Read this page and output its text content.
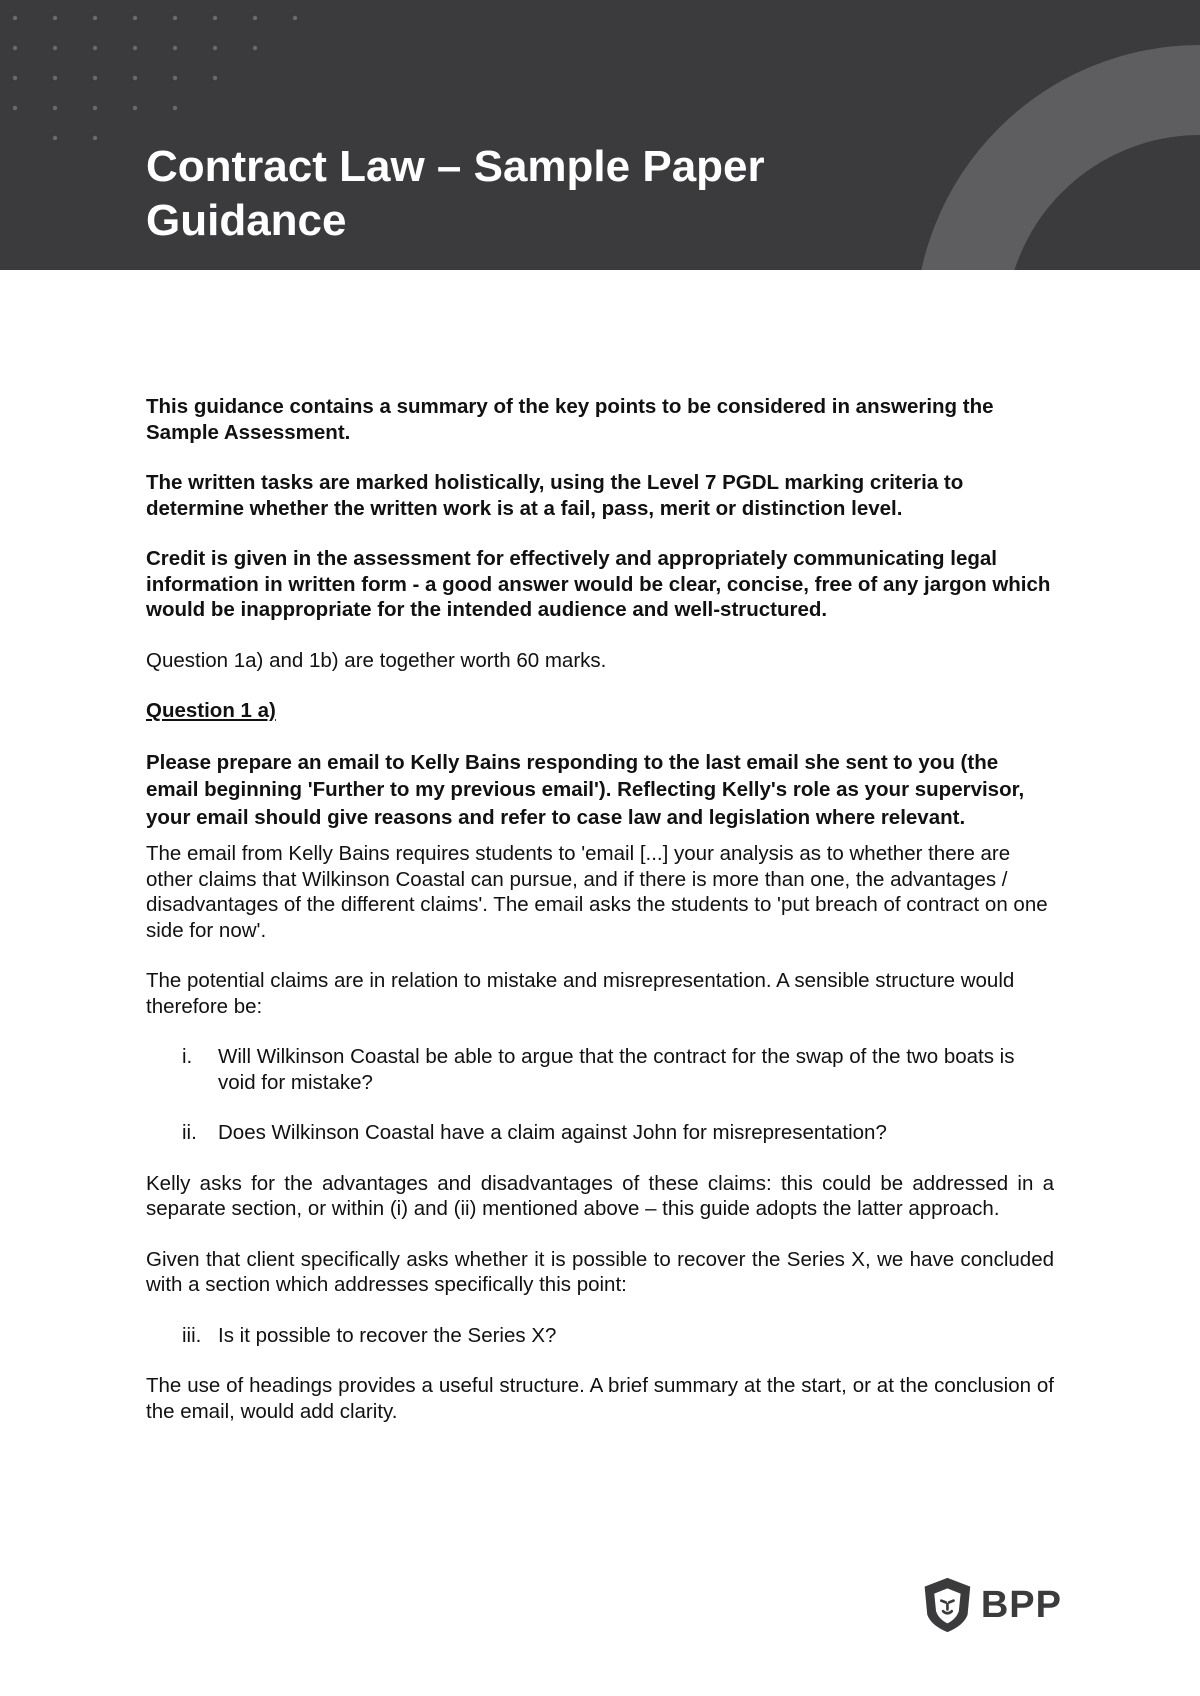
Contract Law – Sample Paper
Guidance

This guidance contains a summary of the key points to be considered in answering the Sample Assessment.

The written tasks are marked holistically, using the Level 7 PGDL marking criteria to determine whether the written work is at a fail, pass, merit or distinction level.

Credit is given in the assessment for effectively and appropriately communicating legal information in written form - a good answer would be clear, concise, free of any jargon which would be inappropriate for the intended audience and well-structured.

Question 1a) and 1b) are together worth 60 marks.

Question 1 a)

Please prepare an email to Kelly Bains responding to the last email she sent to you (the email beginning 'Further to my previous email'). Reflecting Kelly's role as your supervisor, your email should give reasons and refer to case law and legislation where relevant.

The email from Kelly Bains requires students to 'email [...] your analysis as to whether there are other claims that Wilkinson Coastal can pursue, and if there is more than one, the advantages / disadvantages of the different claims'. The email asks the students to 'put breach of contract on one side for now'.

The potential claims are in relation to mistake and misrepresentation. A sensible structure would therefore be:

i.	Will Wilkinson Coastal be able to argue that the contract for the swap of the two boats is void for mistake?
ii.	Does Wilkinson Coastal have a claim against John for misrepresentation?

Kelly asks for the advantages and disadvantages of these claims: this could be addressed in a separate section, or within (i) and (ii) mentioned above – this guide adopts the latter approach.

Given that client specifically asks whether it is possible to recover the Series X, we have concluded with a section which addresses specifically this point:

iii. Is it possible to recover the Series X?

The use of headings provides a useful structure. A brief summary at the start, or at the conclusion of the email, would add clarity.

BPP
